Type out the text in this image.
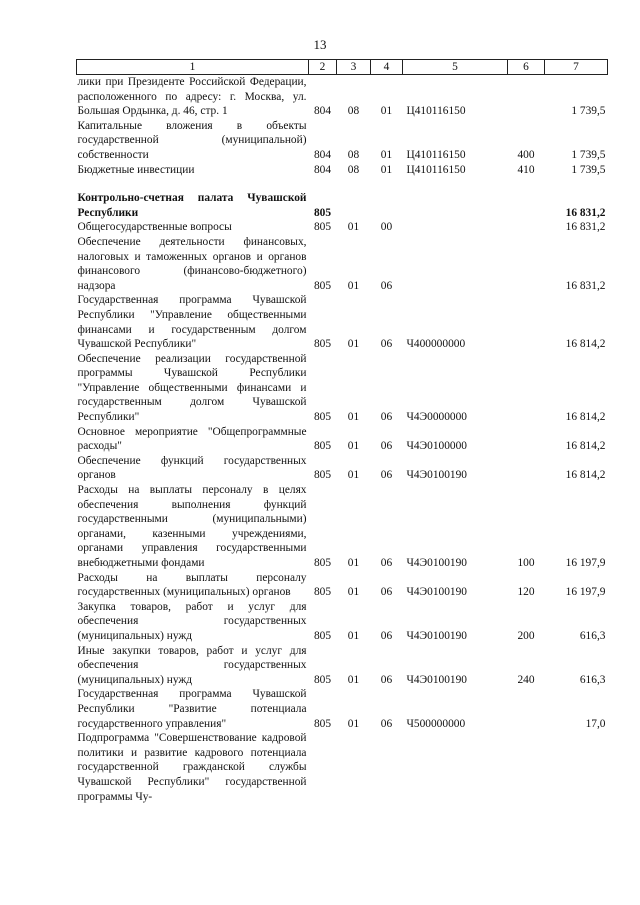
13
1	2	3	4	5	6	7
лики при Президенте Российской Федерации, расположенного по адресу: г. Москва, ул. Большая Ордынка, д. 46, стр. 1	804	08	01	Ц410116150		1 739,5
Капитальные вложения в объекты государственной (муниципальной) собственности	804	08	01	Ц410116150	400	1 739,5
Бюджетные инвестиции	804	08	01	Ц410116150	410	1 739,5

Контрольно-счетная палата Чувашской Республики	805					16 831,2
Общегосударственные вопросы	805	01	00			16 831,2
Обеспечение деятельности финансовых, налоговых и таможенных органов и органов финансового (финансово-бюджетного) надзора	805	01	06			16 831,2
Государственная программа Чувашской Республики "Управление общественными финансами и государственным долгом Чувашской Республики"	805	01	06	Ч400000000		16 814,2
Обеспечение реализации государственной программы Чувашской Республики "Управление общественными финансами и государственным долгом Чувашской Республики"	805	01	06	Ч4Э0000000		16 814,2
Основное мероприятие "Общепрограммные расходы"	805	01	06	Ч4Э0100000		16 814,2
Обеспечение функций государственных органов	805	01	06	Ч4Э0100190		16 814,2
Расходы на выплаты персоналу в целях обеспечения выполнения функций государственными (муниципальными) органами, казенными учреждениями, органами управления государственными внебюджетными фондами	805	01	06	Ч4Э0100190	100	16 197,9
Расходы на выплаты персоналу государственных (муниципальных) органов	805	01	06	Ч4Э0100190	120	16 197,9
Закупка товаров, работ и услуг для обеспечения государственных (муниципальных) нужд	805	01	06	Ч4Э0100190	200	616,3
Иные закупки товаров, работ и услуг для обеспечения государственных (муниципальных) нужд	805	01	06	Ч4Э0100190	240	616,3
Государственная программа Чувашской Республики "Развитие потенциала государственного управления"	805	01	06	Ч500000000		17,0
Подпрограмма "Совершенствование кадровой политики и развитие кадрового потенциала государственной гражданской службы Чувашской Республики" государственной программы Чу-						
